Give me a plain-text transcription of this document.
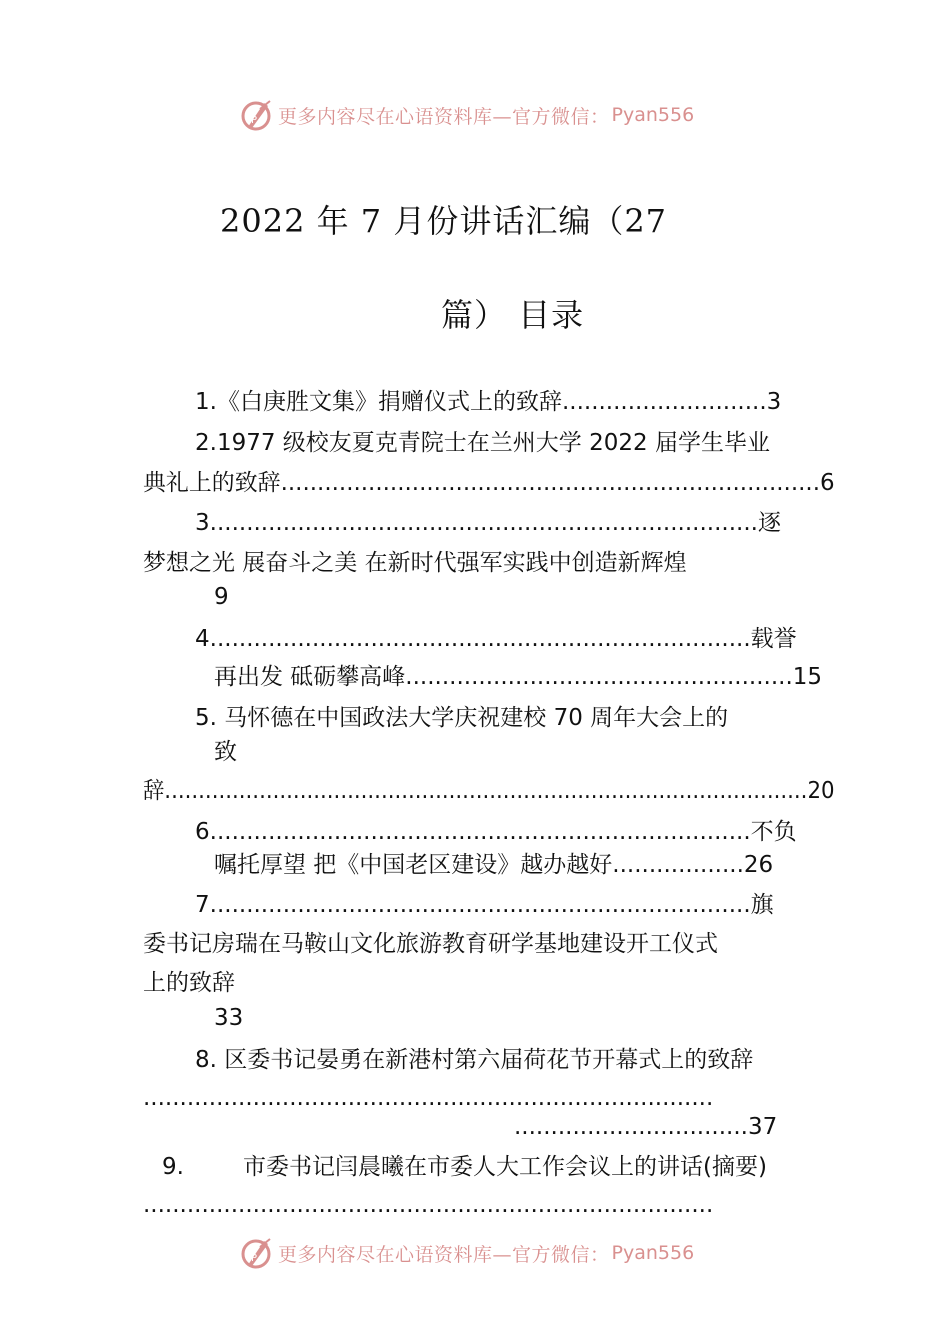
P 更多内容尽在心语资料库—官方微信： Pyan556
2022 年 7 月份讲话汇编（27
篇） 目录
1.《白庚胜文集》捐赠仪式上的致辞............................3
2.1977 级校友夏克青院士在兰州大学 2022 届学生毕业
典礼上的致辞..........................................................................6
3...........................................................................逐
梦想之光 展奋斗之美 在新时代强军实践中创造新辉煌
9
4..........................................................................载誉
再出发 砥砺攀高峰.....................................................15
5. 马怀德在中国政法大学庆祝建校 70 周年大会上的
致
辞...............................................................................................20
6..........................................................................不负
嘱托厚望 把《中国老区建设》越办越好..................26
7..........................................................................旗
委书记房瑞在马鞍山文化旅游教育研学基地建设开工仪式
上的致辞
33
8. 区委书记晏勇在新港村第六届荷花节开幕式上的致辞
..............................................................................
................................37
9.	市委书记闫晨曦在市委人大工作会议上的讲话(摘要)
..............................................................................
P 更多内容尽在心语资料库—官方微信： Pyan556
